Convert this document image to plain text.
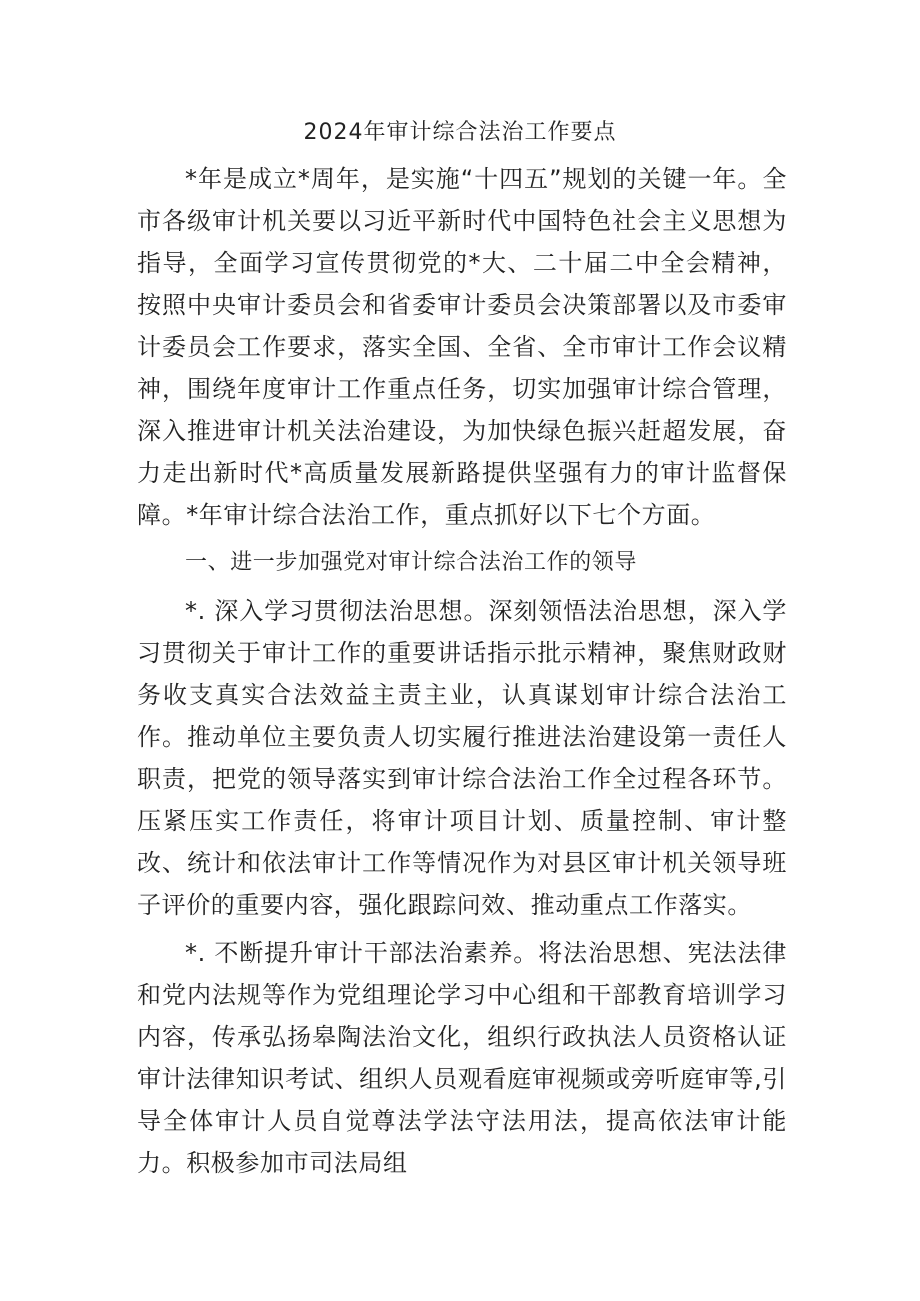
2024年审计综合法治工作要点

*年是成立*周年，是实施“十四五”规划的关键一年。全市各级审计机关要以习近平新时代中国特色社会主义思想为指导，全面学习宣传贯彻党的*大、二十届二中全会精神，按照中央审计委员会和省委审计委员会决策部署以及市委审计委员会工作要求，落实全国、全省、全市审计工作会议精神，围绕年度审计工作重点任务，切实加强审计综合管理，深入推进审计机关法治建设，为加快绿色振兴赶超发展，奋力走出新时代*高质量发展新路提供坚强有力的审计监督保障。*年审计综合法治工作，重点抓好以下七个方面。

一、进一步加强党对审计综合法治工作的领导

*. 深入学习贯彻法治思想。深刻领悟法治思想，深入学习贯彻关于审计工作的重要讲话指示批示精神，聚焦财政财务收支真实合法效益主责主业，认真谋划审计综合法治工作。推动单位主要负责人切实履行推进法治建设第一责任人职责，把党的领导落实到审计综合法治工作全过程各环节。压紧压实工作责任，将审计项目计划、质量控制、审计整改、统计和依法审计工作等情况作为对县区审计机关领导班子评价的重要内容，强化跟踪问效、推动重点工作落实。

*. 不断提升审计干部法治素养。将法治思想、宪法法律和党内法规等作为党组理论学习中心组和干部教育培训学习内容，传承弘扬皋陶法治文化，组织行政执法人员资格认证审计法律知识考试、组织人员观看庭审视频或旁听庭审等,引导全体审计人员自觉尊法学法守法用法，提高依法审计能力。积极参加市司法局组
